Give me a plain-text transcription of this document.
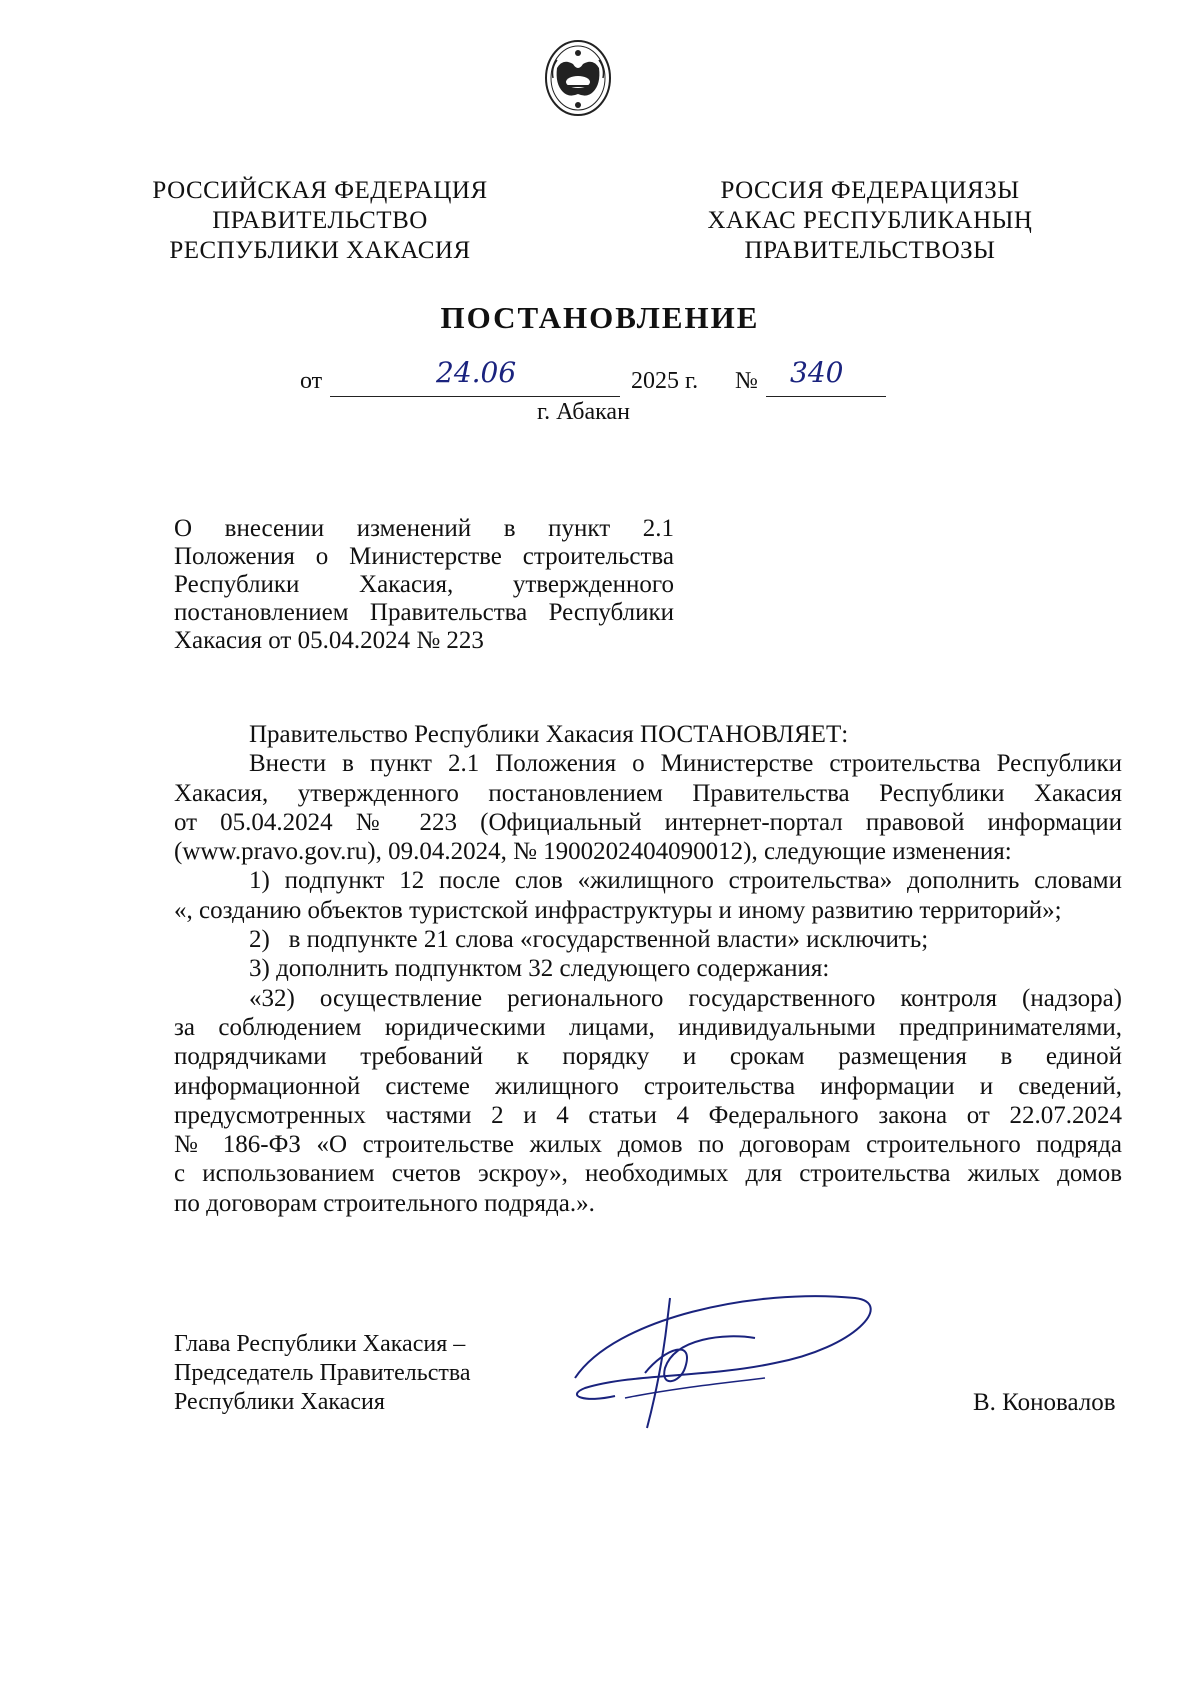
РОССИЙСКАЯ ФЕДЕРАЦИЯ
ПРАВИТЕЛЬСТВО
РЕСПУБЛИКИ ХАКАСИЯ
РОССИЯ ФЕДЕРАЦИЯЗЫ
ХАКАС РЕСПУБЛИКАНЫҢ
ПРАВИТЕЛЬСТВОЗЫ
ПОСТАНОВЛЕНИЕ
от	24.06	2025 г. № 340
г. Абакан
О внесении изменений в пункт 2.1
Положения о Министерстве строительства
Республики Хакасия, утвержденного
постановлением Правительства Республики
Хакасия от 05.04.2024 № 223
Правительство Республики Хакасия ПОСТАНОВЛЯЕТ:
Внести в пункт 2.1 Положения о Министерстве строительства Республики
Хакасия, утвержденного постановлением Правительства Республики Хакасия
от 05.04.2024 № 223 (Официальный интернет-портал правовой информации
(www.pravo.gov.ru), 09.04.2024, № 1900202404090012), следующие изменения:
1) подпункт 12 после слов «жилищного строительства» дополнить словами
«, созданию объектов туристской инфраструктуры и иному развитию территорий»;
2)   в подпункте 21 слова «государственной власти» исключить;
3) дополнить подпунктом 32 следующего содержания:
«32) осуществление регионального государственного контроля (надзора)
за соблюдением юридическими лицами, индивидуальными предпринимателями,
подрядчиками требований к порядку и срокам размещения в единой
информационной системе жилищного строительства информации и сведений,
предусмотренных частями 2 и 4 статьи 4 Федерального закона от 22.07.2024
№ 186-ФЗ «О строительстве жилых домов по договорам строительного подряда
с использованием счетов эскроу», необходимых для строительства жилых домов
по договорам строительного подряда.».
Глава Республики Хакасия –
Председатель Правительства
Республики Хакасия	В. Коновалов
